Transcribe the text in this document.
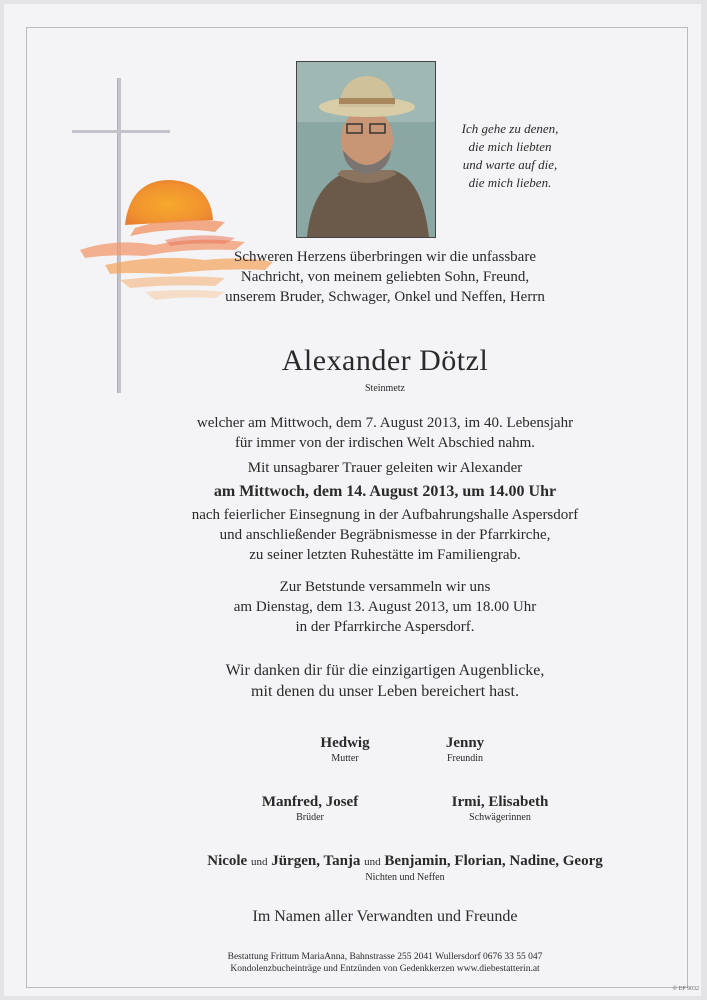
Ich gehe zu denen,
die mich liebten
und warte auf die,
die mich lieben.
Schweren Herzens überbringen wir die unfassbare
Nachricht, von meinem geliebten Sohn, Freund,
unserem Bruder, Schwager, Onkel und Neffen, Herrn
Alexander Dötzl
Steinmetz
welcher am Mittwoch, dem 7. August 2013, im 40. Lebensjahr
für immer von der irdischen Welt Abschied nahm.
Mit unsagbarer Trauer geleiten wir Alexander
am Mittwoch, dem 14. August 2013, um 14.00 Uhr
nach feierlicher Einsegnung in der Aufbahrungshalle Aspersdorf
und anschließender Begräbnismesse in der Pfarrkirche,
zu seiner letzten Ruhestätte im Familiengrab.
Zur Betstunde versammeln wir uns
am Dienstag, dem 13. August 2013, um 18.00 Uhr
in der Pfarrkirche Aspersdorf.
Wir danken dir für die einzigartigen Augenblicke,
mit denen du unser Leben bereichert hast.
Hedwig
Mutter
Jenny
Freundin
Manfred, Josef
Brüder
Irmi, Elisabeth
Schwägerinnen
Nicole und Jürgen, Tanja und Benjamin, Florian, Nadine, Georg
Nichten und Neffen
Im Namen aller Verwandten und Freunde
Bestattung Frittum MariaAnna, Bahnstrasse 255 2041 Wullersdorf 0676 33 55 047
Kondolenzbucheinträge und Entzünden von Gedenkkerzen www.diebestatterin.at
© EP 9032
